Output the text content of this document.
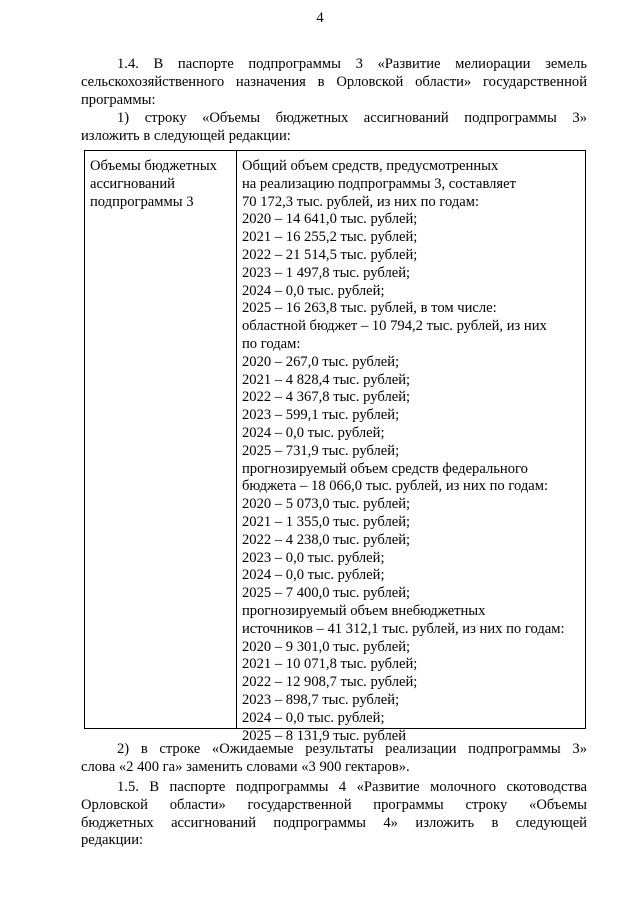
4
1.4. В паспорте подпрограммы 3 «Развитие мелиорации земель
сельскохозяйственного назначения в Орловской области» государственной
программы:
1) строку «Объемы бюджетных ассигнований подпрограммы 3»
изложить в следующей редакции:
Объемы бюджетных
ассигнований
подпрограммы 3
Общий объем средств, предусмотренных
на реализацию подпрограммы 3, составляет
70 172,3 тыс. рублей, из них по годам:
2020 – 14 641,0 тыс. рублей;
2021 – 16 255,2 тыс. рублей;
2022 – 21 514,5 тыс. рублей;
2023 – 1 497,8 тыс. рублей;
2024 – 0,0 тыс. рублей;
2025 – 16 263,8 тыс. рублей, в том числе:
областной бюджет – 10 794,2 тыс. рублей, из них
по годам:
2020 – 267,0 тыс. рублей;
2021 – 4 828,4 тыс. рублей;
2022 – 4 367,8 тыс. рублей;
2023 – 599,1 тыс. рублей;
2024 – 0,0 тыс. рублей;
2025 – 731,9 тыс. рублей;
прогнозируемый объем средств федерального
бюджета – 18 066,0 тыс. рублей, из них по годам:
2020 – 5 073,0 тыс. рублей;
2021 – 1 355,0 тыс. рублей;
2022 – 4 238,0 тыс. рублей;
2023 – 0,0 тыс. рублей;
2024 – 0,0 тыс. рублей;
2025 – 7 400,0 тыс. рублей;
прогнозируемый объем внебюджетных
источников – 41 312,1 тыс. рублей, из них по годам:
2020 – 9 301,0 тыс. рублей;
2021 – 10 071,8 тыс. рублей;
2022 – 12 908,7 тыс. рублей;
2023 – 898,7 тыс. рублей;
2024 – 0,0 тыс. рублей;
2025 – 8 131,9 тыс. рублей
2) в строке «Ожидаемые результаты реализации подпрограммы 3»
слова «2 400 га» заменить словами «3 900 гектаров».
1.5. В паспорте подпрограммы 4 «Развитие молочного скотоводства
Орловской области» государственной программы строку «Объемы
бюджетных ассигнований подпрограммы 4» изложить в следующей
редакции:
